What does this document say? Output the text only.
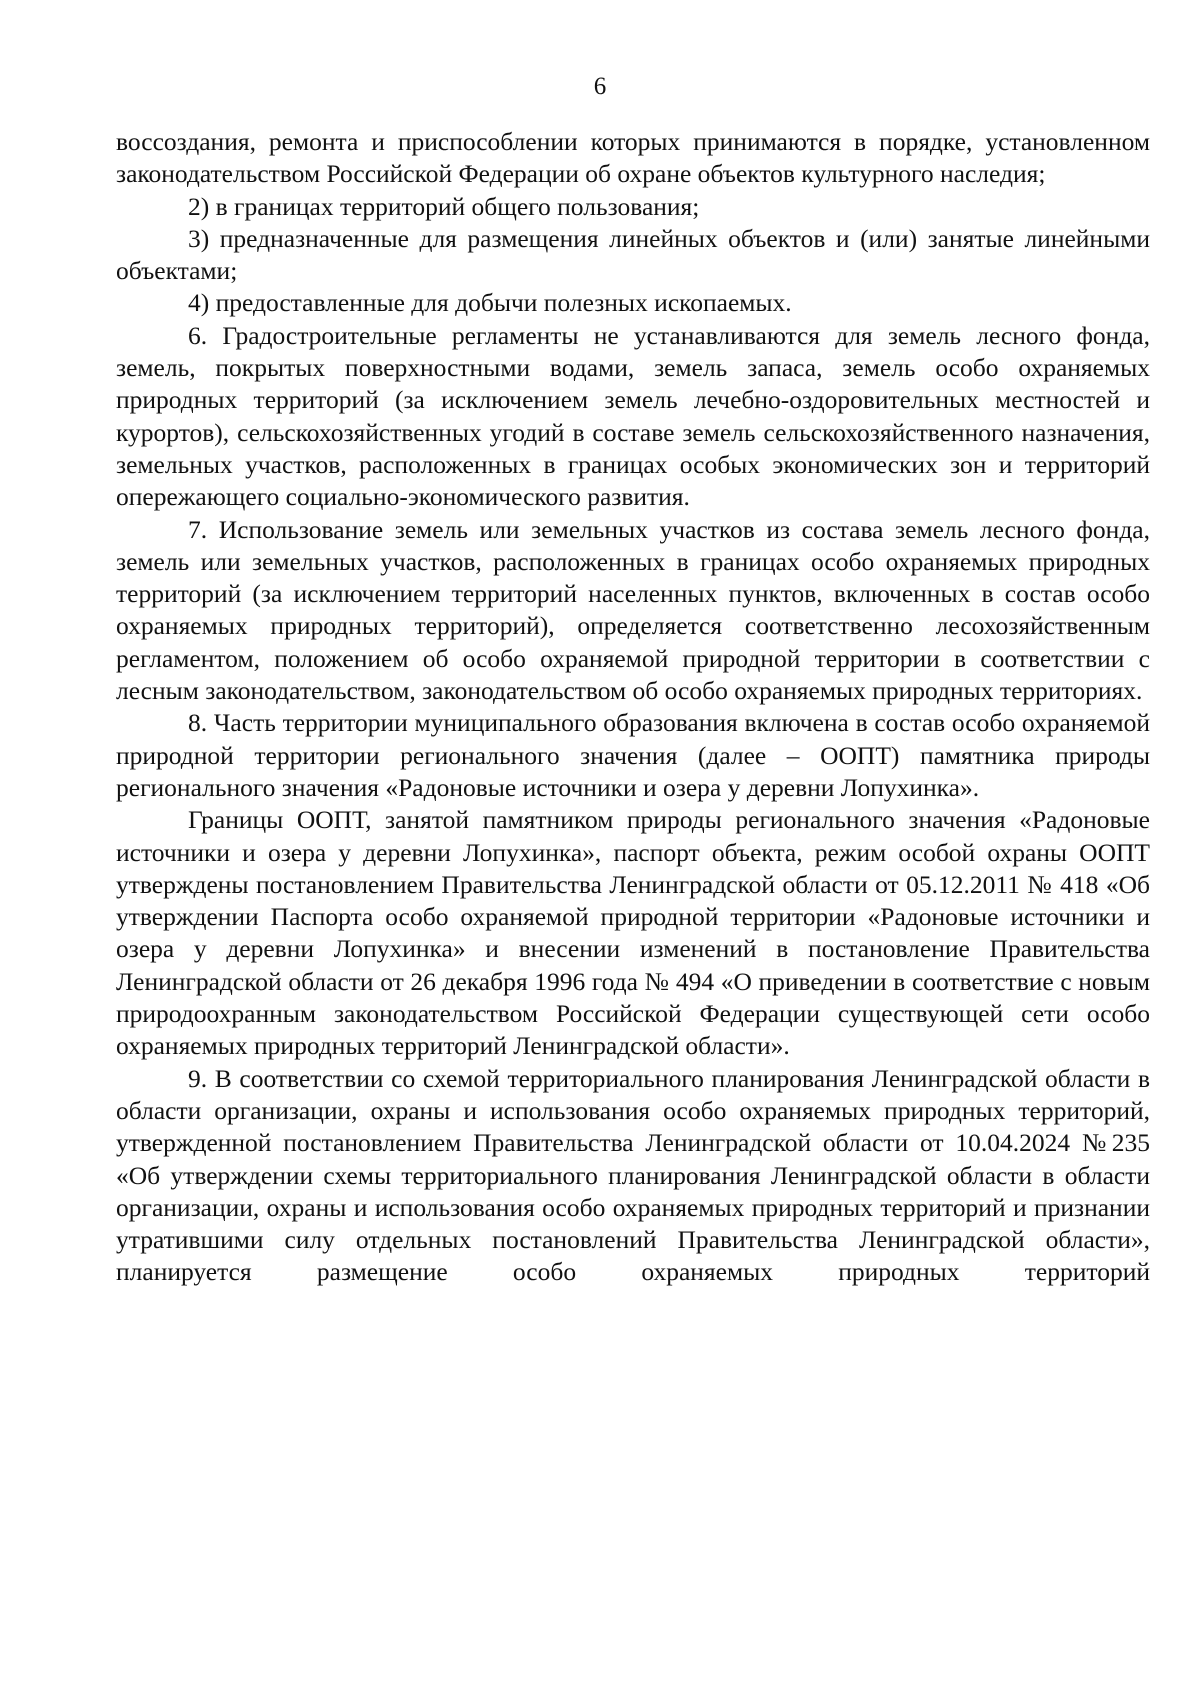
6

воссоздания, ремонта и приспособлении которых принимаются в порядке, установленном законодательством Российской Федерации об охране объектов культурного наследия;

2) в границах территорий общего пользования;

3) предназначенные для размещения линейных объектов и (или) занятые линейными объектами;

4) предоставленные для добычи полезных ископаемых.

6. Градостроительные регламенты не устанавливаются для земель лесного фонда, земель, покрытых поверхностными водами, земель запаса, земель особо охраняемых природных территорий (за исключением земель лечебно-оздоровительных местностей и курортов), сельскохозяйственных угодий в составе земель сельскохозяйственного назначения, земельных участков, расположенных в границах особых экономических зон и территорий опережающего социально-экономического развития.

7. Использование земель или земельных участков из состава земель лесного фонда, земель или земельных участков, расположенных в границах особо охраняемых природных территорий (за исключением территорий населенных пунктов, включенных в состав особо охраняемых природных территорий), определяется соответственно лесохозяйственным регламентом, положением об особо охраняемой природной территории в соответствии с лесным законодательством, законодательством об особо охраняемых природных территориях.

8. Часть территории муниципального образования включена в состав особо охраняемой природной территории регионального значения (далее – ООПТ) памятника природы регионального значения «Радоновые источники и озера у деревни Лопухинка».

Границы ООПТ, занятой памятником природы регионального значения «Радоновые источники и озера у деревни Лопухинка», паспорт объекта, режим особой охраны ООПТ утверждены постановлением Правительства Ленинградской области от 05.12.2011 № 418 «Об утверждении Паспорта особо охраняемой природной территории «Радоновые источники и озера у деревни Лопухинка» и внесении изменений в постановление Правительства Ленинградской области от 26 декабря 1996 года № 494 «О приведении в соответствие с новым природоохранным законодательством Российской Федерации существующей сети особо охраняемых природных территорий Ленинградской области».

9. В соответствии со схемой территориального планирования Ленинградской области в области организации, охраны и использования особо охраняемых природных территорий, утвержденной постановлением Правительства Ленинградской области от 10.04.2024 №235 «Об утверждении схемы территориального планирования Ленинградской области в области организации, охраны и использования особо охраняемых природных территорий и признании утратившими силу отдельных постановлений Правительства Ленинградской области», планируется размещение особо охраняемых природных территорий
